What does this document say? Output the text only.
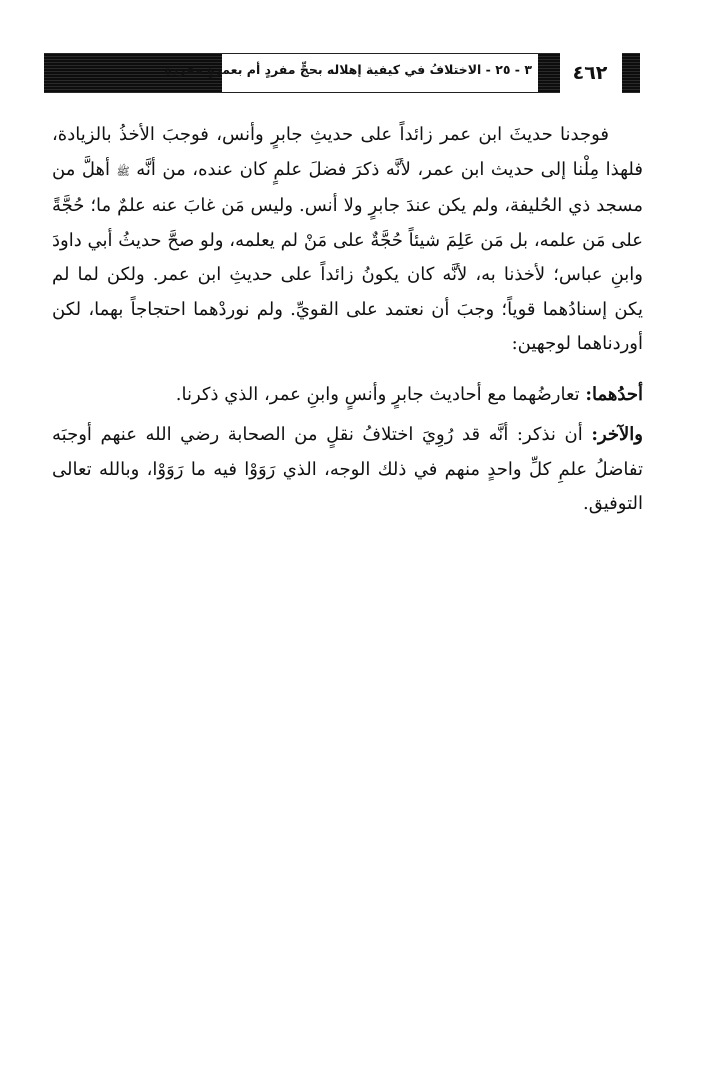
٣ - ٢٥ - الاختلافُ في كيفية إهلاله بحجٍّ مفردٍ أم بعمرةٍ مفردة	٤٦٢

فوجدنا حديثَ ابن عمر زائداً على حديثِ جابرٍ وأنس، فوجبَ الأخذُ بالزيادة، فلهذا مِلْنا إلى حديث ابن عمر، لأنَّه ذكرَ فضلَ علمٍ كان عنده، من أنَّه ﷺ أهلَّ من مسجد ذي الحُليفة، ولم يكن عندَ جابرٍ ولا أنس. وليس مَن غابَ عنه علمٌ ما؛ حُجَّةً على مَن علمه، بل مَن عَلِمَ شيئاً حُجَّةٌ على مَنْ لم يعلمه، ولو صحَّ حديثُ أبي داودَ وابنِ عباس؛ لأخذنا به، لأنَّه كان يكونُ زائداً على حديثِ ابن عمر. ولكن لما لم يكن إسنادُهما قوياً؛ وجبَ أن نعتمد على القويِّ. ولم نوردْهما احتجاجاً بهما، لكن أوردناهما لوجهين:

أحدُهما: تعارضُهما مع أحاديث جابرٍ وأنسٍ وابنِ عمر، الذي ذكرنا.

والآخر: أن نذكر: أنَّه قد رُوِيَ اختلافُ نقلٍ من الصحابة رضي الله عنهم أوجبَه تفاضلُ علمِ كلِّ واحدٍ منهم في ذلك الوجه، الذي رَوَوْا فيه ما رَوَوْا، وبالله تعالى التوفيق.
